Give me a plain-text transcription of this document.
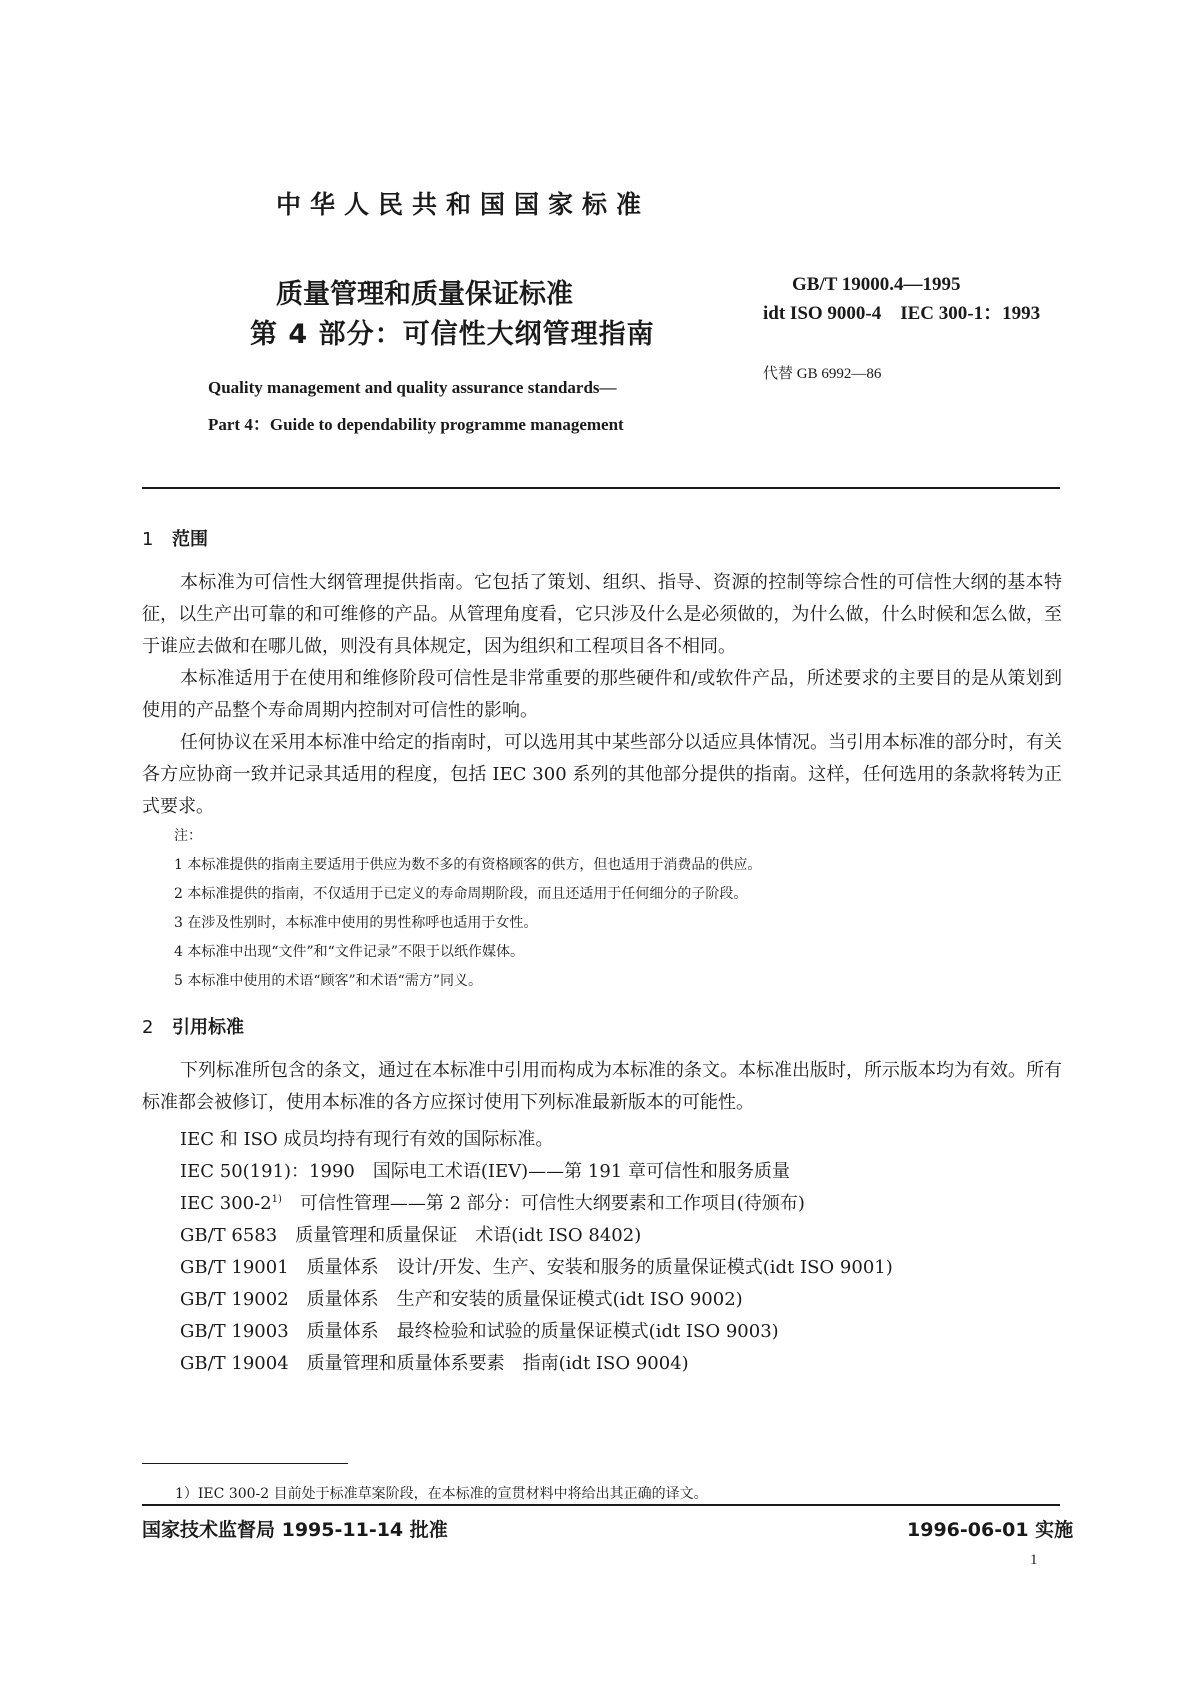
中华人民共和国国家标准
质量管理和质量保证标准
第 4 部分：可信性大纲管理指南
GB/T 19000.4—1995
idt ISO 9000-4　IEC 300-1：1993
代替 GB 6992—86
Quality management and quality assurance standards—
Part 4：Guide to dependability programme management
1 范围

本标准为可信性大纲管理提供指南。它包括了策划、组织、指导、资源的控制等综合性的可信性大纲的基本特征，以生产出可靠的和可维修的产品。从管理角度看，它只涉及什么是必须做的，为什么做，什么时候和怎么做，至于谁应去做和在哪儿做，则没有具体规定，因为组织和工程项目各不相同。

本标准适用于在使用和维修阶段可信性是非常重要的那些硬件和/或软件产品，所述要求的主要目的是从策划到使用的产品整个寿命周期内控制对可信性的影响。

任何协议在采用本标准中给定的指南时，可以选用其中某些部分以适应具体情况。当引用本标准的部分时，有关各方应协商一致并记录其适用的程度，包括 IEC 300 系列的其他部分提供的指南。这样，任何选用的条款将转为正式要求。

注：
1 本标准提供的指南主要适用于供应为数不多的有资格顾客的供方，但也适用于消费品的供应。
2 本标准提供的指南，不仅适用于已定义的寿命周期阶段，而且还适用于任何细分的子阶段。
3 在涉及性别时，本标准中使用的男性称呼也适用于女性。
4 本标准中出现“文件”和“文件记录”不限于以纸作媒体。
5 本标准中使用的术语“顾客”和术语“需方”同义。
2 引用标准

下列标准所包含的条文，通过在本标准中引用而构成为本标准的条文。本标准出版时，所示版本均为有效。所有标准都会被修订，使用本标准的各方应探讨使用下列标准最新版本的可能性。

IEC 和 ISO 成员均持有现行有效的国际标准。
IEC 50(191)：1990 国际电工术语(IEV)——第 191 章可信性和服务质量
IEC 300-2$^{1)}$ 可信性管理——第 2 部分：可信性大纲要素和工作项目(待颁布)
GB/T 6583 质量管理和质量保证　术语(idt ISO 8402)
GB/T 19001 质量体系　设计/开发、生产、安装和服务的质量保证模式(idt ISO 9001)
GB/T 19002 质量体系　生产和安装的质量保证模式(idt ISO 9002)
GB/T 19003 质量体系　最终检验和试验的质量保证模式(idt ISO 9003)
GB/T 19004 质量管理和质量体系要素　指南(idt ISO 9004)
1）IEC 300-2 目前处于标准草案阶段，在本标准的宣贯材料中将给出其正确的译文。
国家技术监督局 1995-11-14 批准	1996-06-01 实施
1
